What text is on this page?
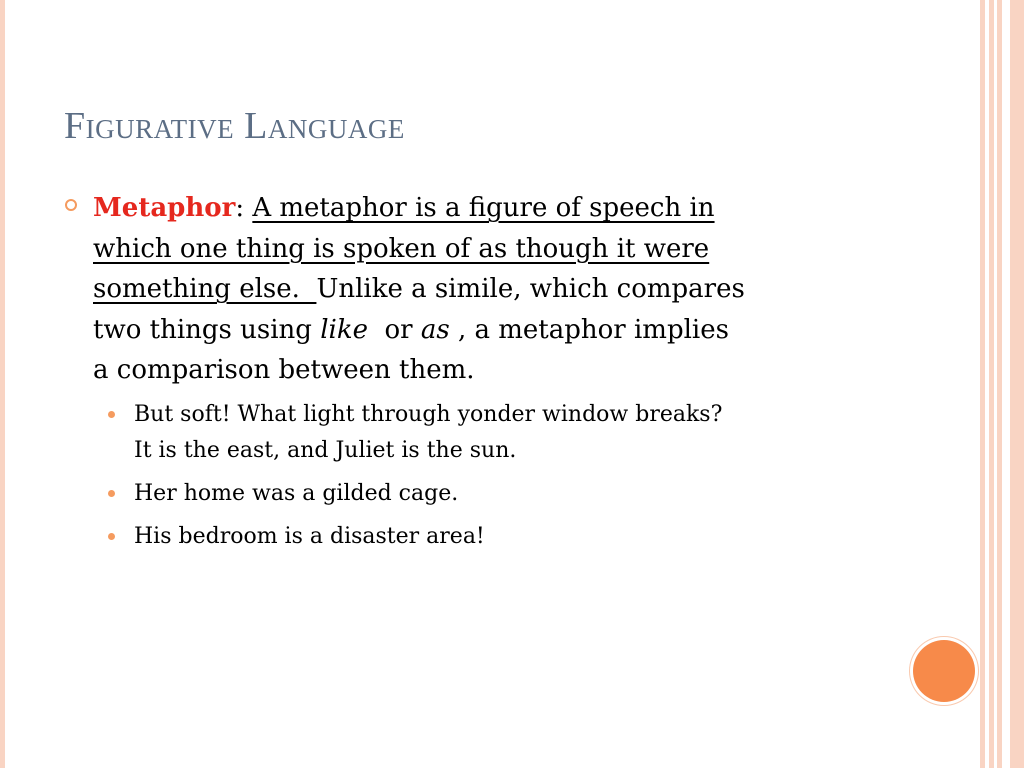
Figurative Language
Metaphor: A metaphor is a figure of speech in
which one thing is spoken of as though it were
something else.  Unlike a simile, which compares
two things using like  or as , a metaphor implies
a comparison between them.
But soft! What light through yonder window breaks?
It is the east, and Juliet is the sun.
Her home was a gilded cage.
His bedroom is a disaster area!
